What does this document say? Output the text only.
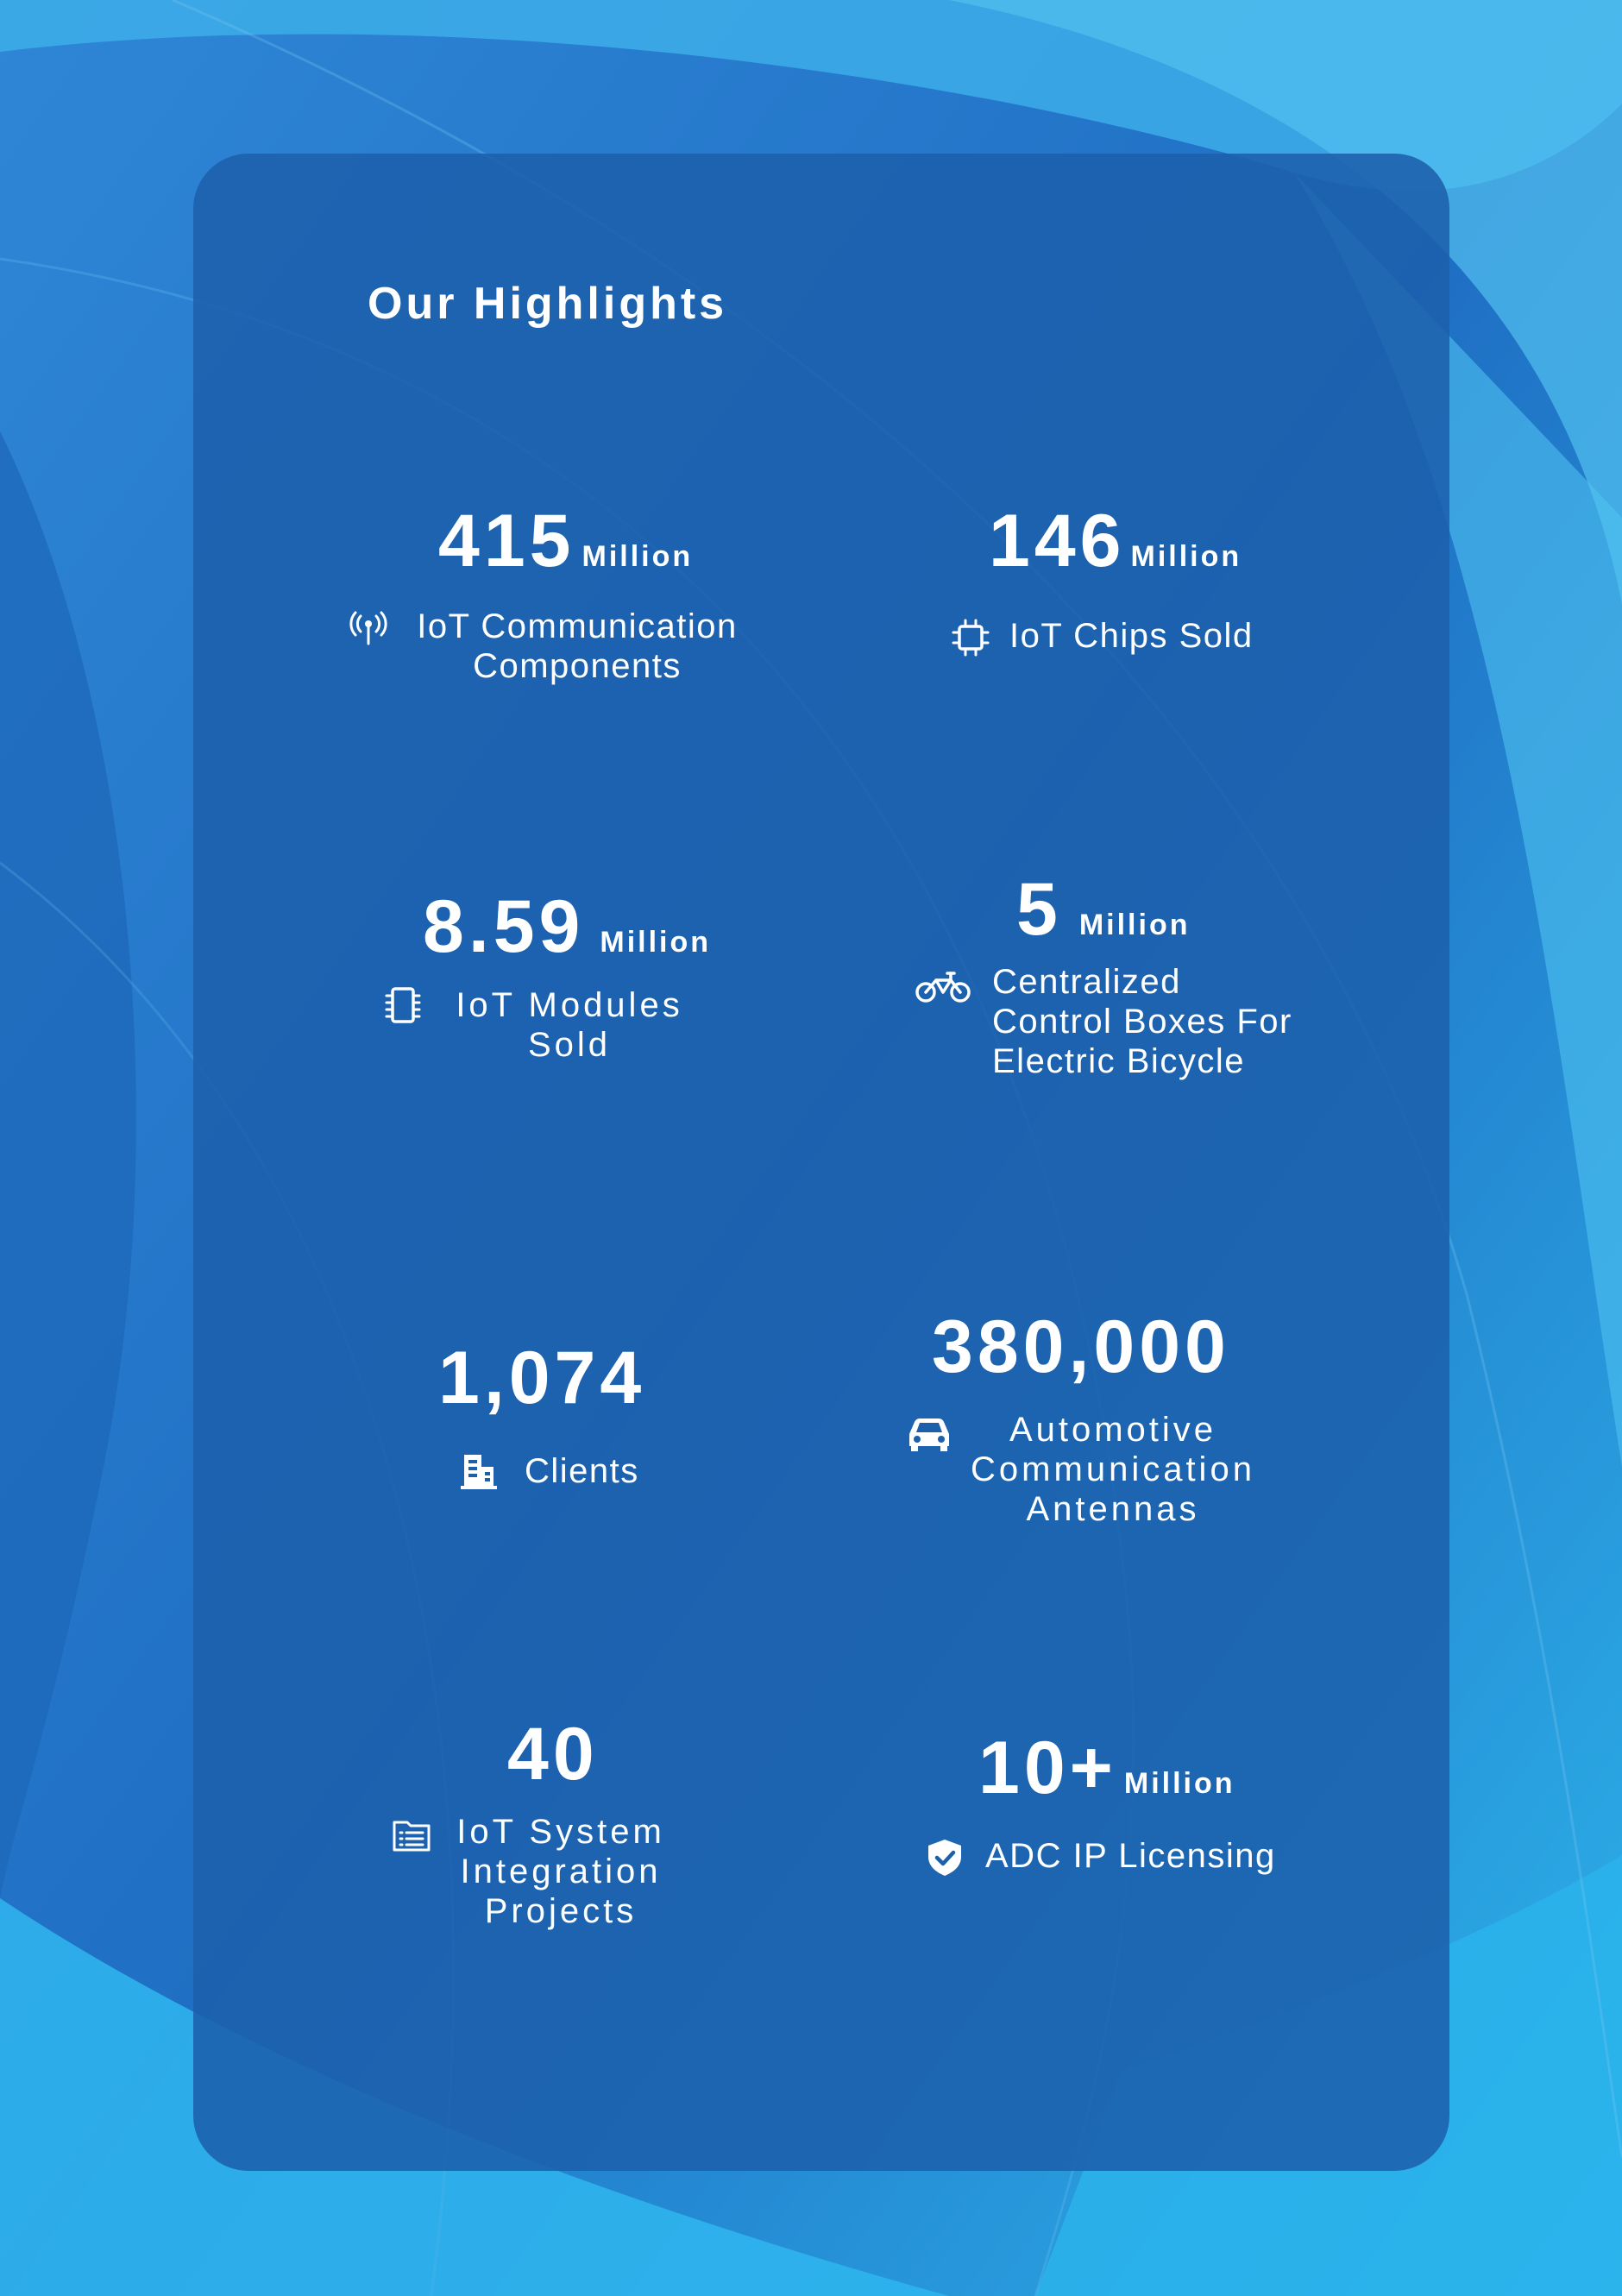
Our Highlights
415 Million
IoT Communication
Components
146 Million
IoT Chips Sold
8.59 Million
IoT Modules
Sold
5 Million
Centralized
Control Boxes For
Electric Bicycle
1,074
Clients
380,000
Automotive
Communication
Antennas
40
IoT System
Integration
Projects
10+ Million
ADC IP Licensing
